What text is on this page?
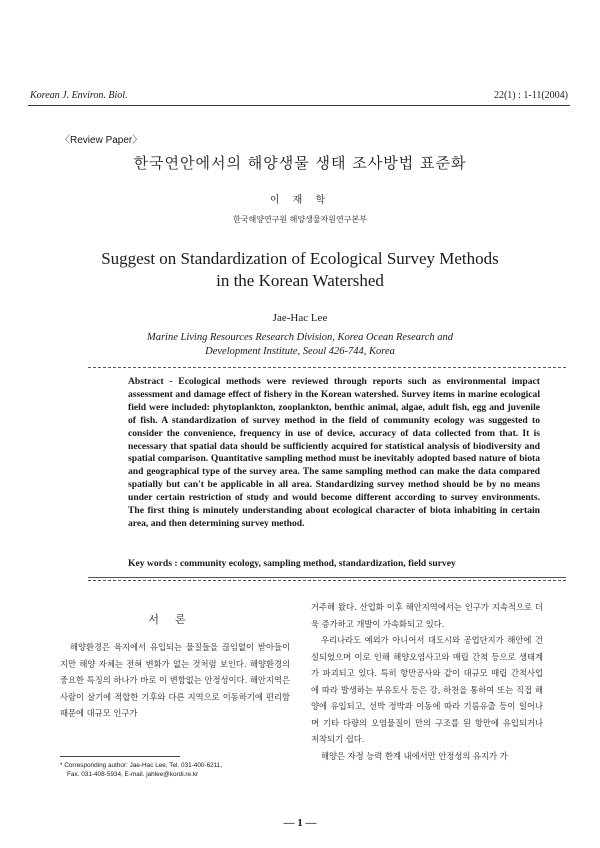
Korean J. Environ. Biol.	22(1) : 1-11(2004)
〈Review Paper〉
한국연안에서의 해양생물 생태 조사방법 표준화
이 재 학
한국해양연구원 해양생물자원연구본부
Suggest on Standardization of Ecological Survey Methods
in the Korean Watershed
Jae-Hac Lee
Marine Living Resources Research Division, Korea Ocean Research and
Development Institute, Seoul 426-744, Korea

Abstract - Ecological methods were reviewed through reports such as environmental impact assessment and damage effect of fishery in the Korean watershed. Survey items in marine ecological field were included: phytoplankton, zooplankton, benthic animal, algae, adult fish, egg and juvenile of fish. A standardization of survey method in the field of community ecology was suggested to consider the convenience, frequency in use of device, accuracy of data collected from that. It is necessary that spatial data should be sufficiently acquired for statistical analysis of biodiversity and spatial comparison. Quantitative sampling method must be inevitably adopted based nature of biota and geographical type of the survey area. The same sampling method can make the data compared spatially but can't be applicable in all area. Standardizing survey method should be by no means under certain restriction of study and would become different according to survey environments. The first thing is minutely understanding about ecological character of biota inhabiting in certain area, and then determining survey method.

Key words : community ecology, sampling method, standardization, field survey

서론

해양환경은 육지에서 유입되는 물질들을 끊임없이 받아들이지만 해양 자체는 전혀 변화가 없는 것처럼 보인다. 해양환경의 중요한 특징의 하나가 바로 이 변함없는 안정성이다. 해안지역은 사람이 살기에 적합한 기후와 다른 지역으로 이동하기에 편리함 때문에 대규모 인구가

* Corresponding author: Jae-Hac Lee, Tel. 031-400-6211,
Fax. 031-408-5934, E-mail. jahlee@kordi.re.kr

거주해 왔다. 산업화 이후 해안지역에서는 인구가 지속적으로 더욱 증가하고 개발이 가속화되고 있다.
우리나라도 예외가 아니어서 대도시와 공업단지가 해안에 건설되었으며 이로 인해 해양오염사고와 매립 간척 등으로 생태계가 파괴되고 있다. 특히 항만공사와 같이 대규모 매립 간척사업에 따라 발생하는 부유토사 등은 강, 하천을 통하여 또는 직접 해양에 유입되고, 선박 정박과 이동에 따라 기름유출 등이 일어나며 기타 다량의 오염물질이 만의 구조를 된 항만에 유입되거나 저착되기 쉽다.
해양은 자정 능력 한계 내에서만 안정성의 유지가 가

— 1 —
